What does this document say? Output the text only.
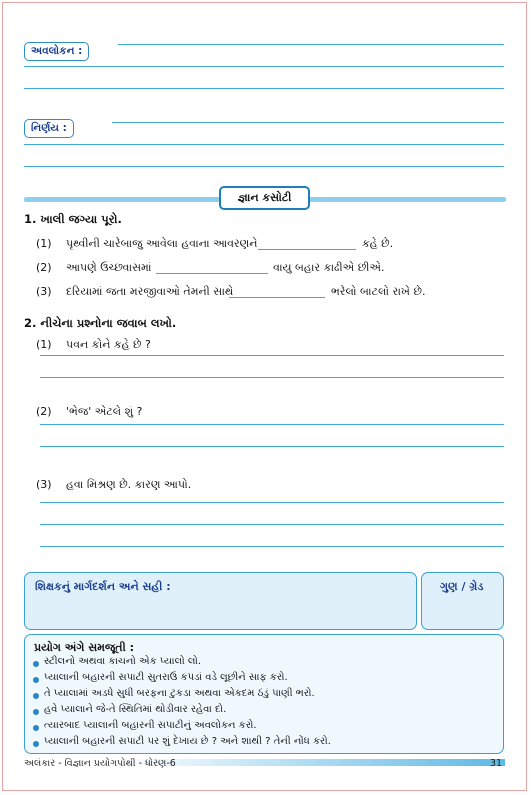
અવલોકન :
નિર્ણય :
જ્ઞાન કસોટી
1. ખાલી જગ્યા પૂરો.
(1) પૃથ્વીની ચારેબાજુ આવેલા હવાના આવરણને	કહે છે.
(2) આપણે ઉચ્છ્વાસમાં	વાયુ બહાર કાઢીએ છીએ.
(3) દરિયામાં જતા મરજીવાઓ તેમની સાથે	ભરેલો બાટલો રાખે છે.
2. નીચેના પ્રશ્નોના જવાબ લખો.
(1) પવન કોને કહે છે ?
(2) 'ભેજ' એટલે શું ?
(3) હવા મિશ્રણ છે. કારણ આપો.
શિક્ષકનું માર્ગદર્શન અને સહી :	ગુણ / ગ્રેડ
પ્રયોગ અંગે સમજૂતી :
સ્ટીલનો અથવા કાચનો એક પ્યાલો લો.
પ્યાલાની બહારની સપાટી સુતરાઉ કપડાં વડે લૂછીને સાફ કરો.
તે પ્યાલામાં અડધે સુધી બરફના ટુકડા અથવા એકદમ ઠંડું પાણી ભરો.
હવે પ્યાલાને જે-તે સ્થિતિમાં થોડીવાર રહેવા દો.
ત્યારબાદ પ્યાલાની બહારની સપાટીનું અવલોકન કરો.
પ્યાલાની બહારની સપાટી પર શું દેખાય છે ? અને શાથી ? તેની નોંધ કરો.
અલંકાર - વિજ્ઞાન પ્રયોગપોથી - ધોરણ-6	31
